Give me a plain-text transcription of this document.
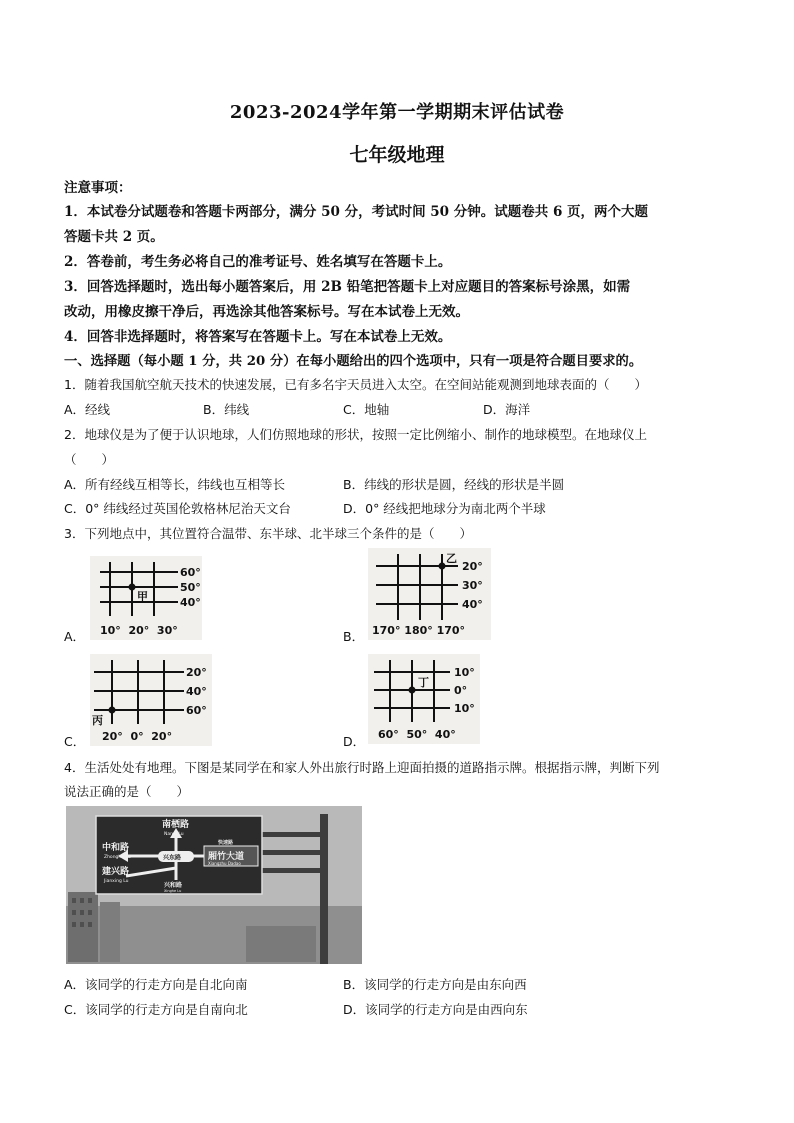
2023-2024学年第一学期期末评估试卷
七年级地理
注意事项：
1．本试卷分试题卷和答题卡两部分，满分 50 分，考试时间 50 分钟。试题卷共 6 页，两个大题
答题卡共 2 页。
2．答卷前，考生务必将自己的准考证号、姓名填写在答题卡上。
3．回答选择题时，选出每小题答案后，用 2B 铅笔把答题卡上对应题目的答案标号涂黑，如需
改动，用橡皮擦干净后，再选涂其他答案标号。写在本试卷上无效。
4．回答非选择题时，将答案写在答题卡上。写在本试卷上无效。
一、选择题（每小题 1 分，共 20 分）在每小题给出的四个选项中，只有一项是符合题目要求的。
1．随着我国航空航天技术的快速发展，已有多名宇天员进入太空。在空间站能观测到地球表面的（　　）
A．经线	B．纬线	C．地轴	D．海洋
2．地球仪是为了便于认识地球，人们仿照地球的形状，按照一定比例缩小、制作的地球模型。在地球仪上
（　　）
A．所有经线互相等长，纬线也互相等长	B．纬线的形状是圆，经线的形状是半圆
C．0° 纬线经过英国伦敦格林尼治天文台	D．0° 经线把地球分为南北两个半球
3．下列地点中，其位置符合温带、东半球、北半球三个条件的是（　　）
甲
60°
50°
40°
10°  20°  30°
A．
乙
20°
30°
40°
170° 180° 170°
B．
丙
20°
40°
60°
20°  0°  20°
C．
丁
10°
0°
10°
60°  50°  40°
D．
4．生活处处有地理。下图是某同学在和家人外出旅行时路上迎面拍摄的道路指示牌。根据指示牌，判断下列
说法正确的是（　　）
南栖路
Nanxi Lu
中和路
Zhonghe Lu
建兴路
Jianxing Lu
兴和路
Xinghe Lu
快速路
厢竹大道
Xiangzhu Dadao
兴东路
A．该同学的行走方向是自北向南	B．该同学的行走方向是由东向西
C．该同学的行走方向是自南向北	D．该同学的行走方向是由西向东
